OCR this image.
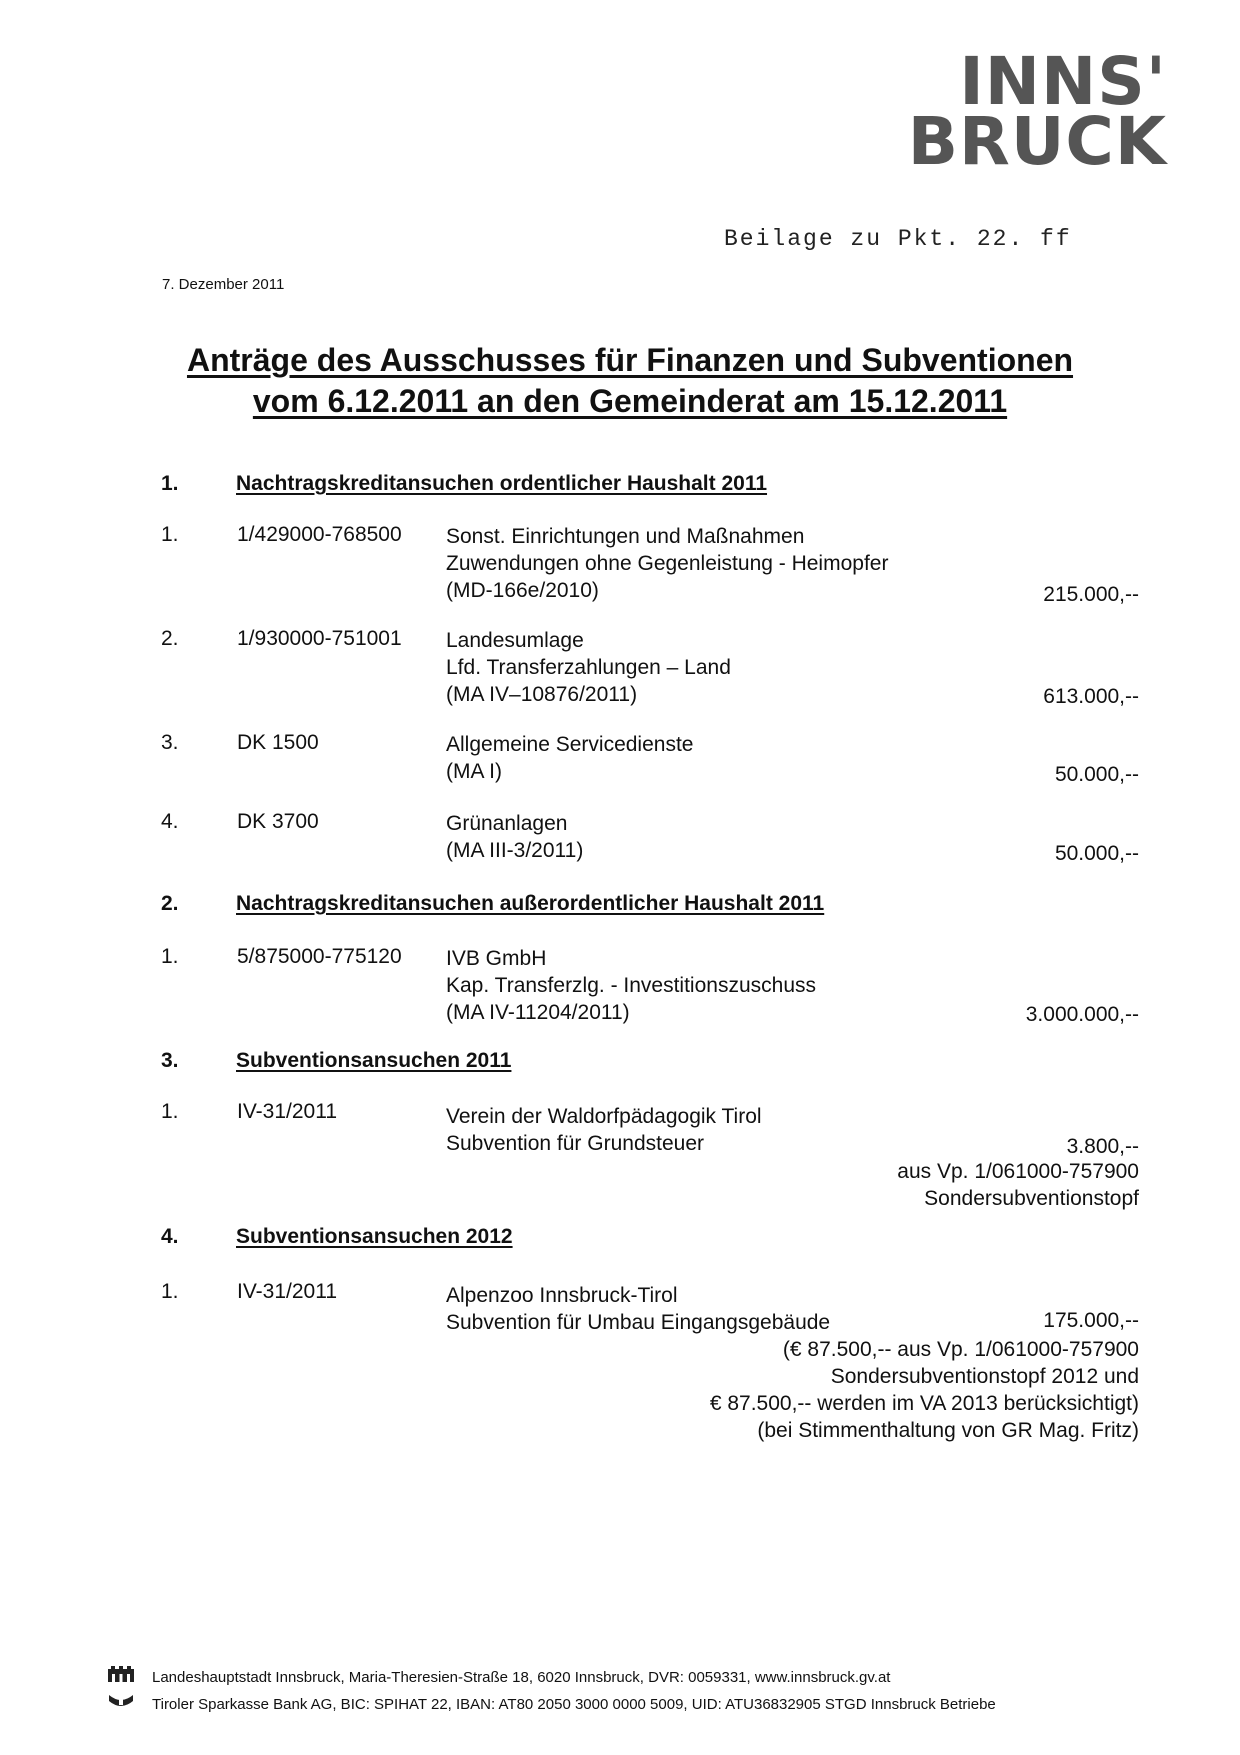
INNS'
BRUCK
Beilage zu Pkt. 22. ff
7. Dezember 2011
Anträge des Ausschusses für Finanzen und Subventionen
vom 6.12.2011 an den Gemeinderat am 15.12.2011
1.	Nachtragskreditansuchen ordentlicher Haushalt 2011
1.	1/429000-768500 Sonst. Einrichtungen und Maßnahmen
Zuwendungen ohne Gegenleistung - Heimopfer
(MD-166e/2010)	215.000,--
2.	1/930000-751001 Landesumlage
Lfd. Transferzahlungen – Land
(MA IV–10876/2011)	613.000,--
3.	DK 1500	Allgemeine Servicedienste
(MA I)	50.000,--
4.	DK 3700	Grünanlagen
(MA III-3/2011)	50.000,--
2.	Nachtragskreditansuchen außerordentlicher Haushalt 2011
1.	5/875000-775120 IVB GmbH
Kap. Transferzlg. - Investitionszuschuss
(MA IV-11204/2011)	3.000.000,--
3.	Subventionsansuchen 2011
1.	IV-31/2011	Verein der Waldorfpädagogik Tirol
Subvention für Grundsteuer	3.800,--
aus Vp. 1/061000-757900
Sondersubventionstopf
4.	Subventionsansuchen 2012
1.	IV-31/2011	Alpenzoo Innsbruck-Tirol
Subvention für Umbau Eingangsgebäude	175.000,--
(€ 87.500,-- aus Vp. 1/061000-757900
Sondersubventionstopf 2012 und
€ 87.500,-- werden im VA 2013 berücksichtigt)
(bei Stimmenthaltung von GR Mag. Fritz)
Landeshauptstadt Innsbruck, Maria-Theresien-Straße 18, 6020 Innsbruck, DVR: 0059331, www.innsbruck.gv.at
Tiroler Sparkasse Bank AG, BIC: SPIHAT 22, IBAN: AT80 2050 3000 0000 5009, UID: ATU36832905 STGD Innsbruck Betriebe
